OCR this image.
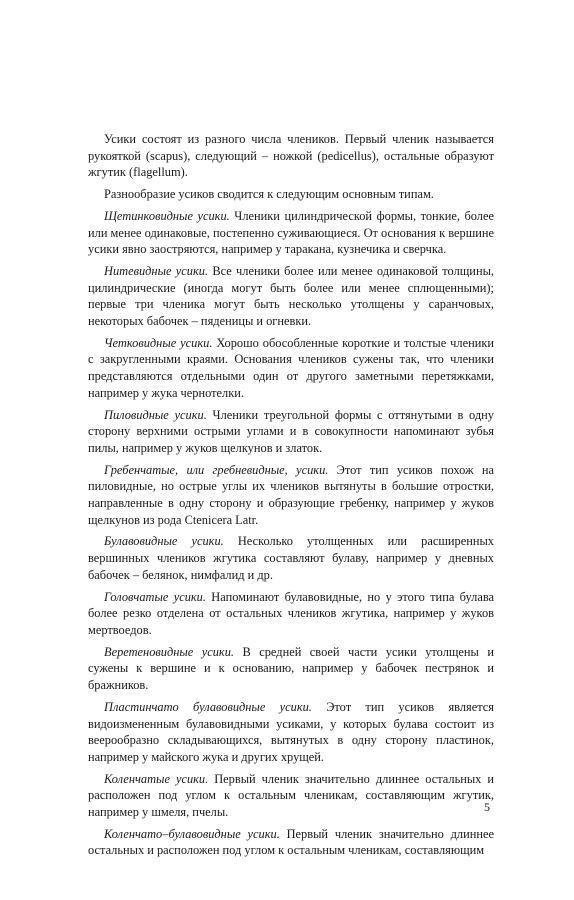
Усики состоят из разного числа члеников. Первый членик называется рукояткой (scapus), следующий – ножкой (pedicellus), остальные образуют жгутик (flagellum).

Разнообразие усиков сводится к следующим основным типам.

Щетинковидные усики. Членики цилиндрической формы, тонкие, более или менее одинаковые, постепенно суживающиеся. От основания к вершине усики явно заостряются, например у таракана, кузнечика и сверчка.

Нитевидные усики. Все членики более или менее одинаковой толщины, цилиндрические (иногда могут быть более или менее сплющенными); первые три членика могут быть несколько утолщены у саранчовых, некоторых бабочек – пяденицы и огневки.

Четковидные усики. Хорошо обособленные короткие и толстые членики с закругленными краями. Основания члеников сужены так, что членики представляются отдельными один от другого заметными перетяжками, например у жука чернотелки.

Пиловидные усики. Членики треугольной формы с оттянутыми в одну сторону верхними острыми углами и в совокупности напоминают зубья пилы, например у жуков щелкунов и златок.

Гребенчатые, или гребневидные, усики. Этот тип усиков похож на пиловидные, но острые углы их члеников вытянуты в большие отростки, направленные в одну сторону и образующие гребенку, например у жуков щелкунов из рода Ctenicera Latr.

Булавовидные усики. Несколько утолщенных или расширенных вершинных члеников жгутика составляют булаву, например у дневных бабочек – белянок, нимфалид и др.

Головчатые усики. Напоминают булавовидные, но у этого типа булава более резко отделена от остальных члеников жгутика, например у жуков мертвоедов.

Веретеновидные усики. В средней своей части усики утолщены и сужены к вершине и к основанию, например у бабочек пестрянок и бражников.

Пластинчато булавовидные усики. Этот тип усиков является видоизмененным булавовидными усиками, у которых булава состоит из веерообразно складывающихся, вытянутых в одну сторону пластинок, например у майского жука и других хрущей.

Коленчатые усики. Первый членик значительно длиннее остальных и расположен под углом к остальным членикам, составляющим жгутик, например у шмеля, пчелы.

Коленчато–булавовидные усики. Первый членик значительно длиннее остальных и расположен под углом к остальным членикам, составляющим

5
